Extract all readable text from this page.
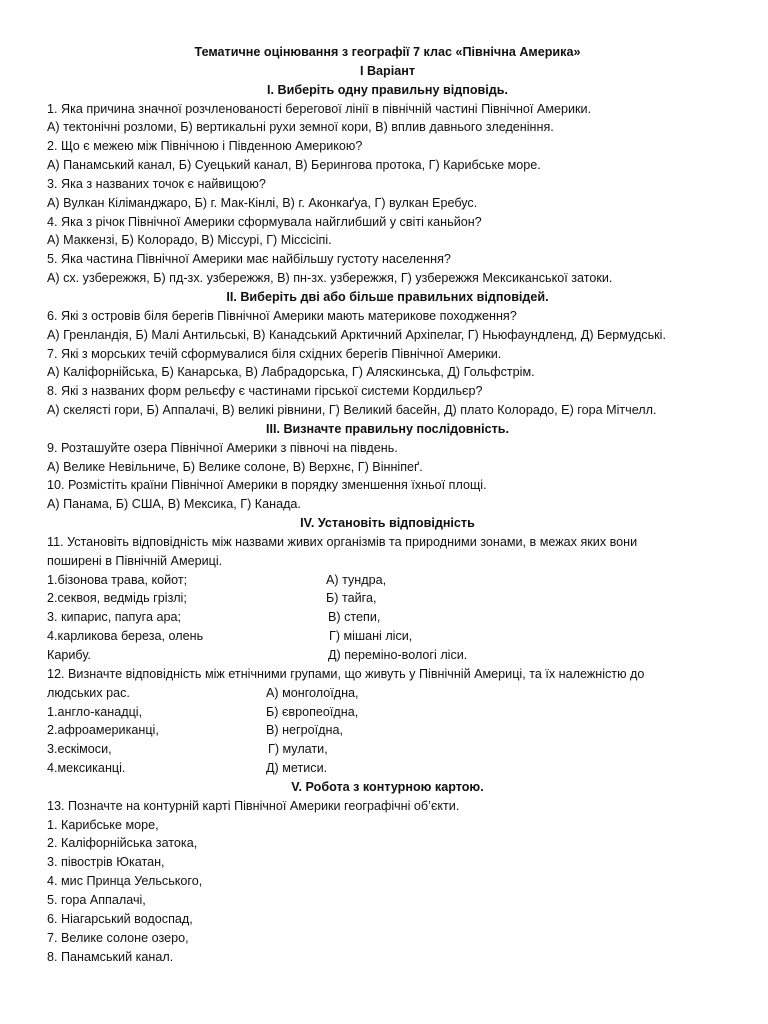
Тематичне оцінювання з географії 7 клас «Північна Америка»
I Варіант
I. Виберіть одну правильну відповідь.
1. Яка причина значної розчленованості берегової лінії в північній частині Північної Америки.
А) тектонічні розломи, Б) вертикальні рухи земної кори, В) вплив давнього зледеніння.
2. Що є межею між Північною і Південною Америкою?
А) Панамський канал, Б) Суецький канал, В) Берингова протока, Г) Карибське море.
3. Яка з названих точок є найвищою?
А) Вулкан Кіліманджаро, Б) г. Мак-Кінлі, В) г. Аконкаґуа, Г) вулкан Еребус.
4. Яка з річок Північної Америки сформувала найглибший у світі каньйон?
А) Маккензі, Б) Колорадо, В) Міссурі, Г) Міссісіпі.
5. Яка частина Північної Америки має найбільшу густоту населення?
А) сх. узбережжя, Б) пд-зх. узбережжя, В) пн-зх. узбережжя, Г) узбережжя Мексиканської затоки.
II. Виберіть дві або більше правильних відповідей.
6. Які з островів біля берегів Північної Америки мають материкове походження?
А) Гренландія, Б) Малі Антильські, В) Канадський Арктичний Архіпелаг, Г) Ньюфаундленд, Д) Бермудські.
7. Які з морських течій сформувалися біля східних берегів Північної Америки.
А) Каліфорнійська, Б) Канарська, В) Лабрадорська, Г) Аляскинська, Д) Гольфстрім.
8. Які з названих форм рельєфу є частинами гірської системи Кордильєр?
А) скелясті гори, Б) Аппалачі, В) великі рівнини, Г) Великий басейн, Д) плато Колорадо, Е) гора Мітчелл.
III. Визначте правильну послідовність.
9. Розташуйте озера Північної Америки з півночі на південь.
А) Велике Невільниче, Б) Велике солоне, В) Верхнє, Г) Вінніпеґ.
10. Розмістіть країни Північної Америки в порядку зменшення їхньої площі.
А) Панама, Б) США, В) Мексика, Г) Канада.
IV. Установіть відповідність
11. Установіть відповідність між назвами живих організмів та природними зонами, в межах яких вони
поширені в Північній Америці.
1.бізонова трава, койот;	А) тундра,
2.секвоя, ведмідь грізлі;	Б) тайга,
3. кипарис, папуга ара;	В) степи,
4.карликова береза, олень	Г) мішані ліси,
Карибу.	Д) переміно-вологі ліси.
12. Визначте відповідність між етнічними групами, що живуть у Північній Америці, та їх належністю до
людських рас.	А) монголоїдна,
1.англо-канадці,	Б) європеоїдна,
2.афроамериканці,	В) негроїдна,
3.ескімоси,	Г) мулати,
4.мексиканці.	Д) метиси.
V. Робота з контурною картою.
13. Позначте на контурній карті Північної Америки географічні об’єкти.
1. Карибське море,
2. Каліфорнійська затока,
3. півострів Юкатан,
4. мис Принца Уельського,
5. гора Аппалачі,
6. Ніагарський водоспад,
7. Велике солоне озеро,
8. Панамський канал.
